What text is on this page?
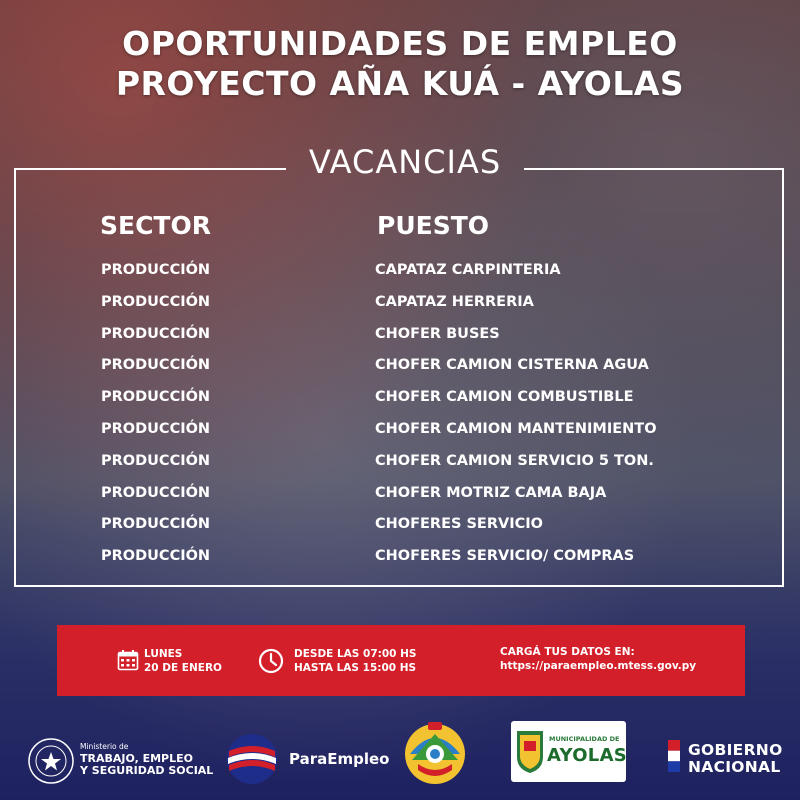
OPORTUNIDADES DE EMPLEO
PROYECTO AÑA KUÁ - AYOLAS
VACANCIAS
SECTOR	PUESTO
PRODUCCIÓN	CAPATAZ CARPINTERIA
PRODUCCIÓN	CAPATAZ HERRERIA
PRODUCCIÓN	CHOFER BUSES
PRODUCCIÓN	CHOFER CAMION CISTERNA AGUA
PRODUCCIÓN	CHOFER CAMION COMBUSTIBLE
PRODUCCIÓN	CHOFER CAMION MANTENIMIENTO
PRODUCCIÓN	CHOFER CAMION SERVICIO 5 TON.
PRODUCCIÓN	CHOFER MOTRIZ CAMA BAJA
PRODUCCIÓN	CHOFERES SERVICIO
PRODUCCIÓN	CHOFERES SERVICIO/ COMPRAS
LUNES
20 DE ENERO
DESDE LAS 07:00 HS
HASTA LAS 15:00 HS
CARGÁ TUS DATOS EN:
https://paraempleo.mtess.gov.py
Ministerio de
TRABAJO, EMPLEO
Y SEGURIDAD SOCIAL
ParaEmpleo
MUNICIPALIDAD DE
AYOLAS	GOBIERNO
NACIONAL
